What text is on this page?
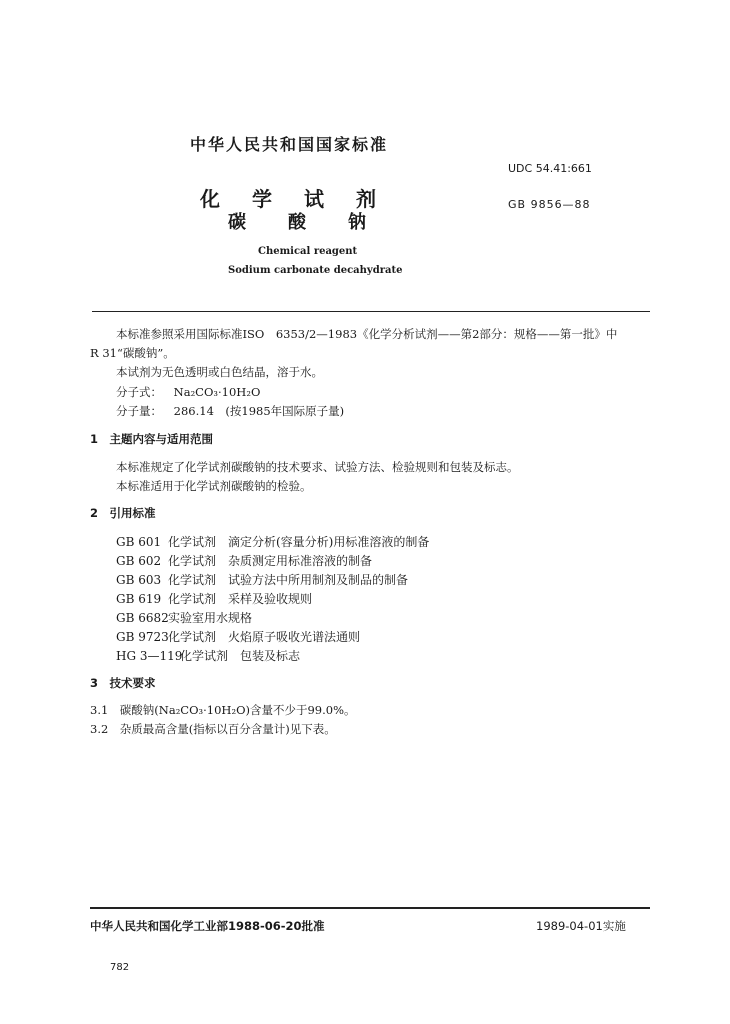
中华人民共和国国家标准
UDC 54.41:661
化　学　试　剂	GB 9856—88
碳　酸　钠
Chemical reagent
Sodium carbonate decahydrate
本标准参照采用国际标准ISO　6353/2—1983《化学分析试剂——第2部分：规格——第一批》中
R 31“碳酸钠”。
本试剂为无色透明或白色结晶，溶于水。
分子式： Na₂CO₃·10H₂O
分子量： 286.14　(按1985年国际原子量)
1　主题内容与适用范围
本标准规定了化学试剂碳酸钠的技术要求、试验方法、检验规则和包装及标志。
本标准适用于化学试剂碳酸钠的检验。
2　引用标准
GB 601 化学试剂　滴定分析(容量分析)用标准溶液的制备
GB 602 化学试剂　杂质测定用标准溶液的制备
GB 603 化学试剂　试验方法中所用制剂及制品的制备
GB 619 化学试剂　采样及验收规则
GB 6682实验室用水规格
GB 9723化学试剂　火焰原子吸收光谱法通则
HG 3—119化学试剂　包装及标志
3　技术要求
3.1　碳酸钠(Na₂CO₃·10H₂O)含量不少于99.0%。
3.2　杂质最高含量(指标以百分含量计)见下表。
中华人民共和国化学工业部1988-06-20批准	1989-04-01实施
782
